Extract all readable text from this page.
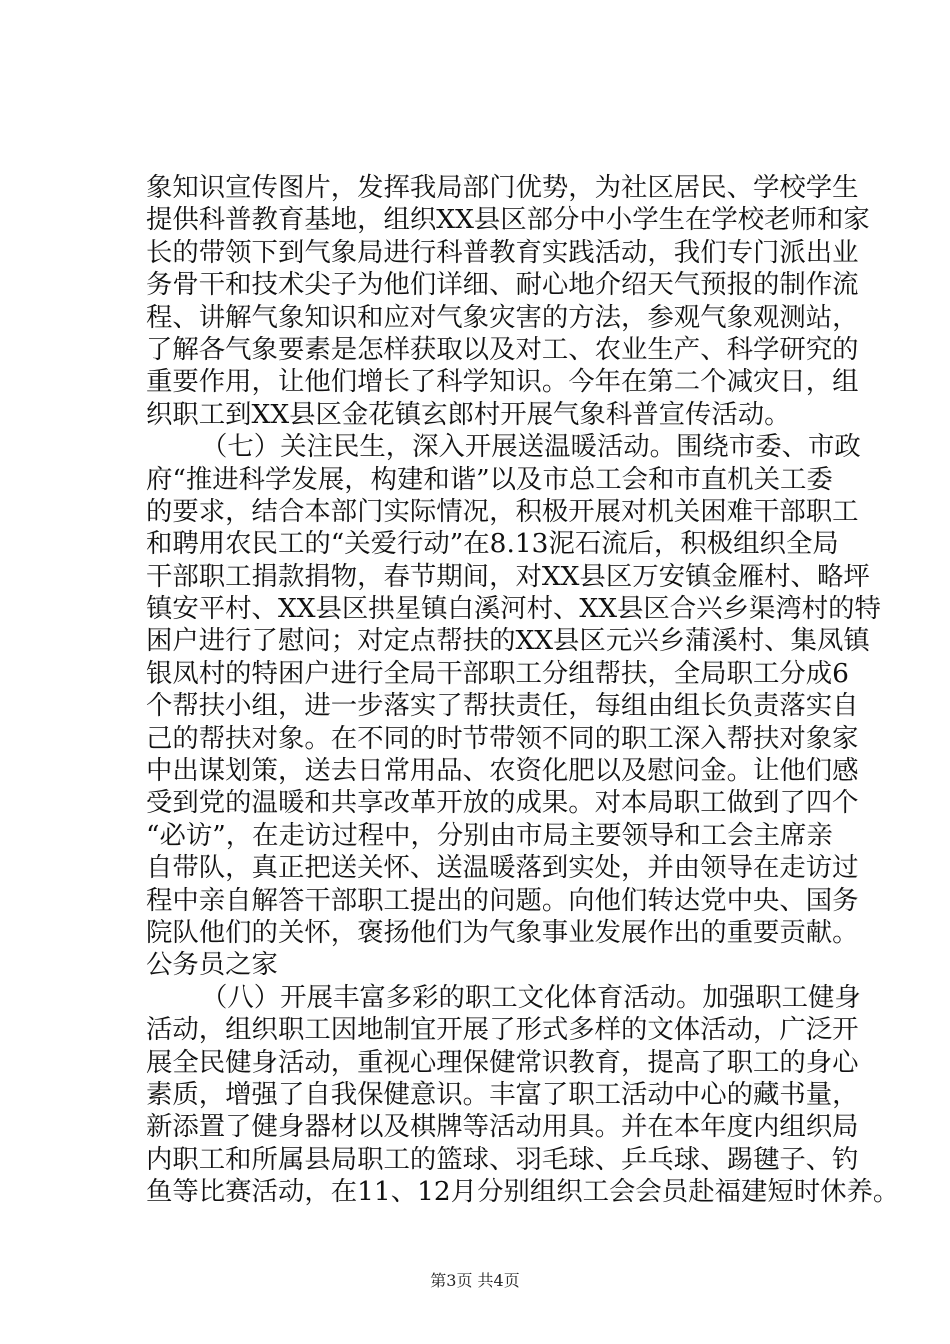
象知识宣传图片，发挥我局部门优势，为社区居民、学校学生
提供科普教育基地，组织XX县区部分中小学生在学校老师和家
长的带领下到气象局进行科普教育实践活动，我们专门派出业
务骨干和技术尖子为他们详细、耐心地介绍天气预报的制作流
程、讲解气象知识和应对气象灾害的方法，参观气象观测站，
了解各气象要素是怎样获取以及对工、农业生产、科学研究的
重要作用，让他们增长了科学知识。今年在第二个减灾日，组
织职工到XX县区金花镇玄郎村开展气象科普宣传活动。
（七）关注民生，深入开展送温暖活动。围绕市委、市政
府“推进科学发展，构建和谐”以及市总工会和市直机关工委
的要求，结合本部门实际情况，积极开展对机关困难干部职工
和聘用农民工的“关爱行动”在8.13泥石流后，积极组织全局
干部职工捐款捐物，春节期间，对XX县区万安镇金雁村、略坪
镇安平村、XX县区拱星镇白溪河村、XX县区合兴乡渠湾村的特
困户进行了慰问；对定点帮扶的XX县区元兴乡蒲溪村、集凤镇
银凤村的特困户进行全局干部职工分组帮扶，全局职工分成6
个帮扶小组，进一步落实了帮扶责任，每组由组长负责落实自
己的帮扶对象。在不同的时节带领不同的职工深入帮扶对象家
中出谋划策，送去日常用品、农资化肥以及慰问金。让他们感
受到党的温暖和共享改革开放的成果。对本局职工做到了四个
“必访”，在走访过程中，分别由市局主要领导和工会主席亲
自带队，真正把送关怀、送温暖落到实处，并由领导在走访过
程中亲自解答干部职工提出的问题。向他们转达党中央、国务
院队他们的关怀，褒扬他们为气象事业发展作出的重要贡献。
公务员之家
（八）开展丰富多彩的职工文化体育活动。加强职工健身
活动，组织职工因地制宜开展了形式多样的文体活动，广泛开
展全民健身活动，重视心理保健常识教育，提高了职工的身心
素质，增强了自我保健意识。丰富了职工活动中心的藏书量，
新添置了健身器材以及棋牌等活动用具。并在本年度内组织局
内职工和所属县局职工的篮球、羽毛球、乒乓球、踢毽子、钓
鱼等比赛活动，在11、12月分别组织工会会员赴福建短时休养。
第3页 共4页
